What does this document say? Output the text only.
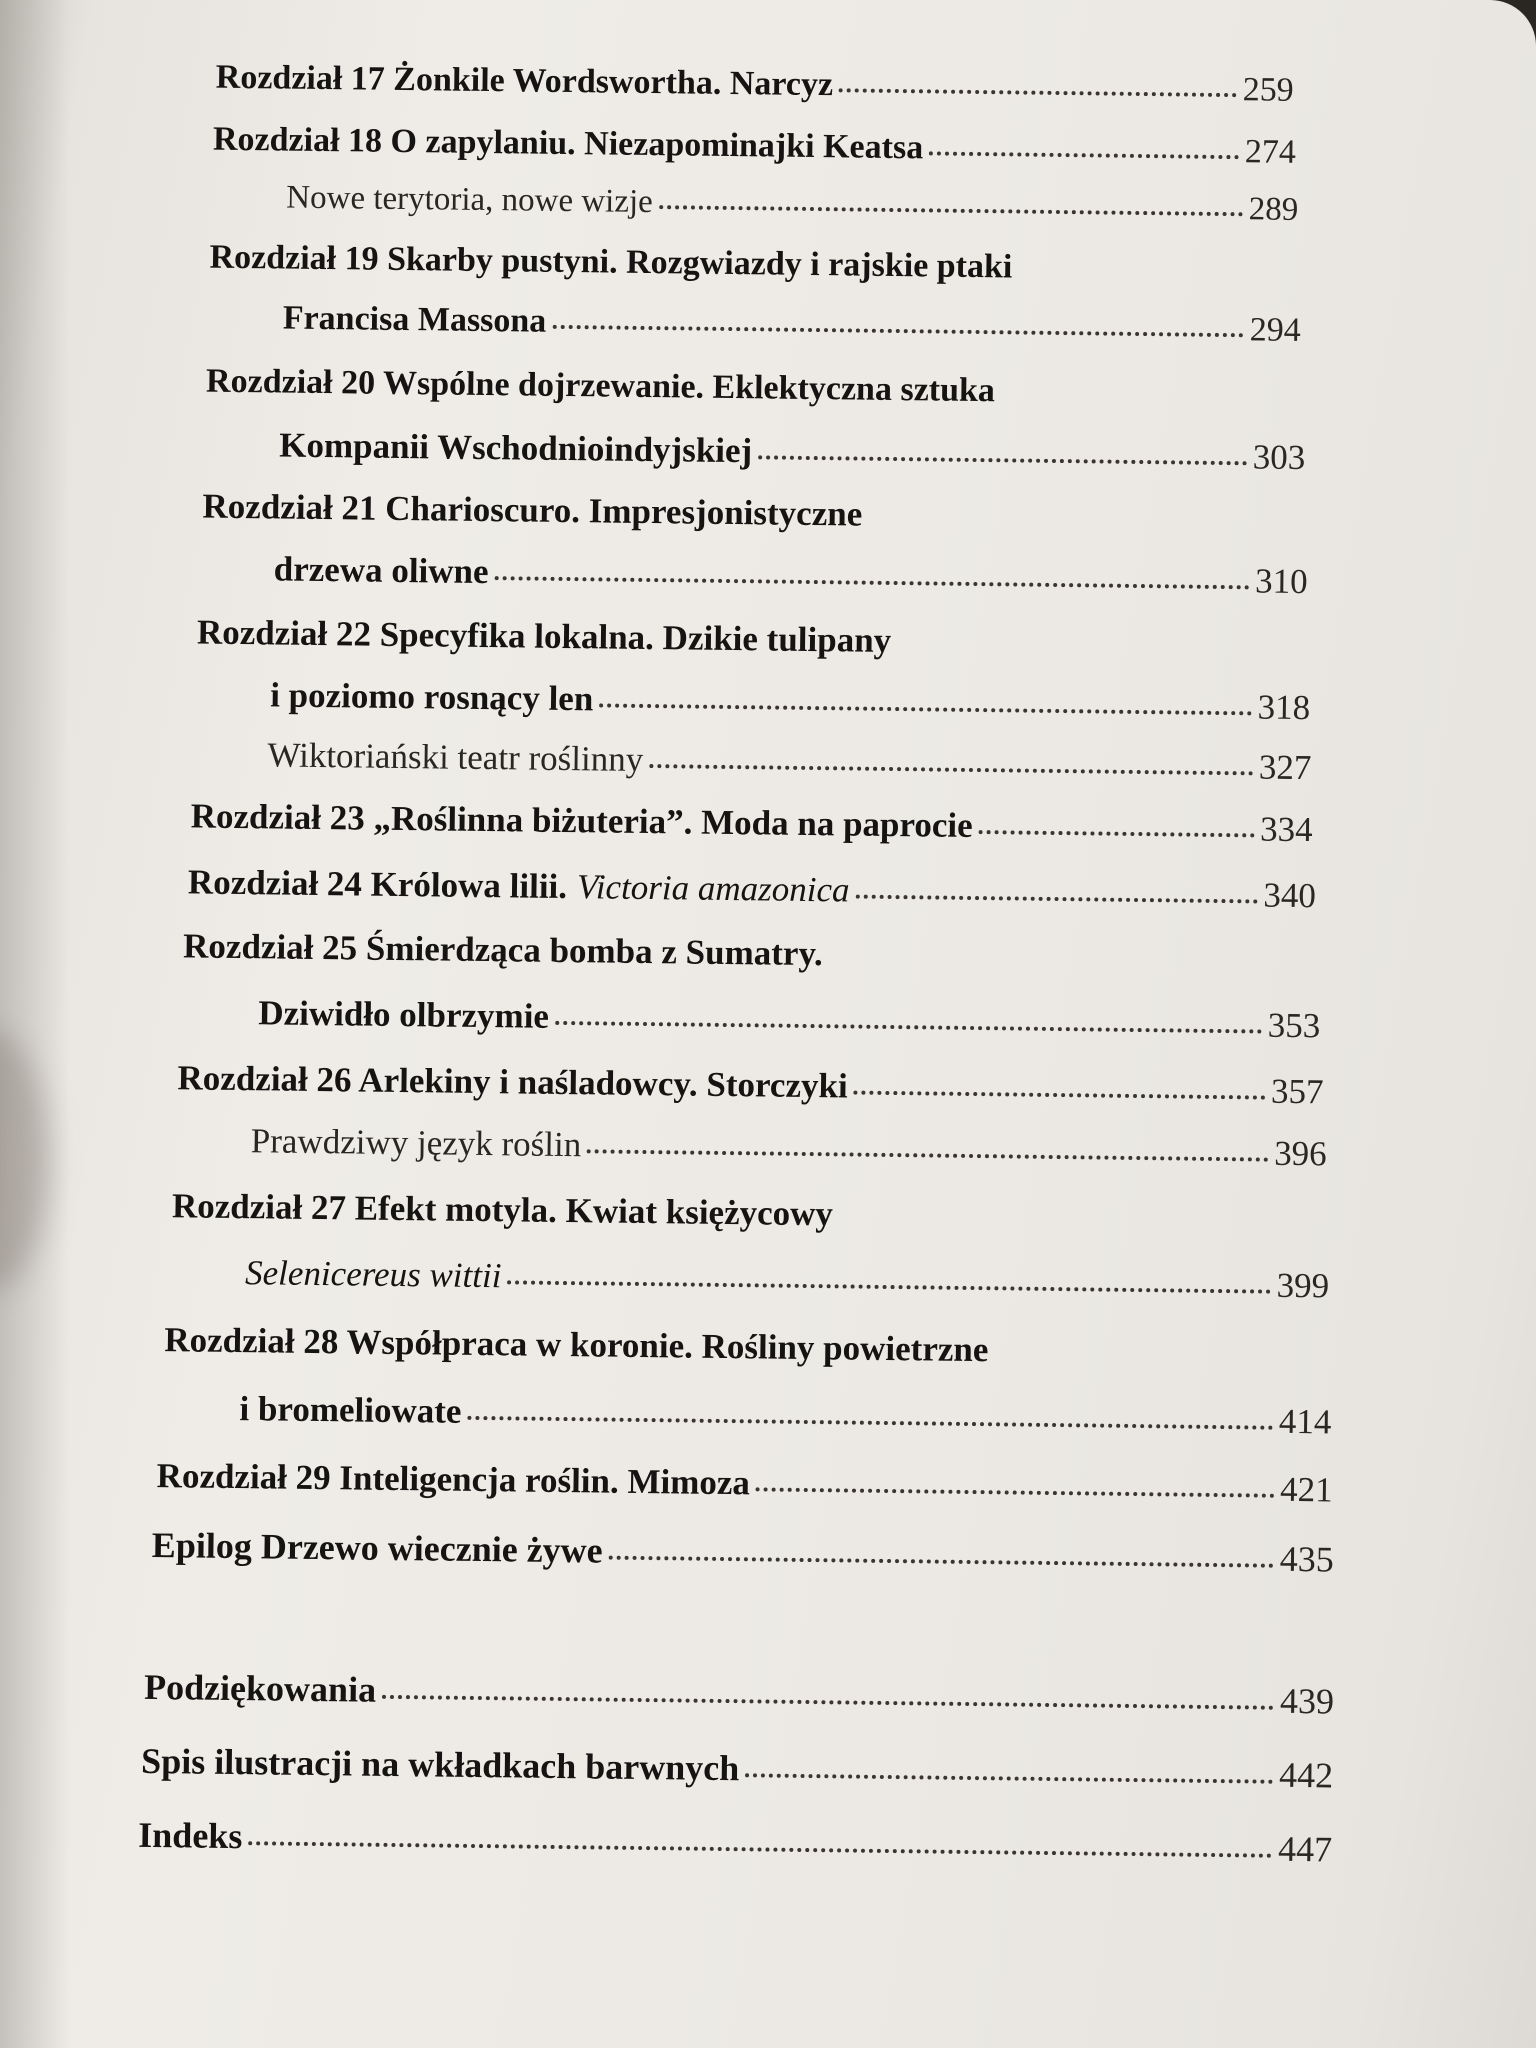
Rozdział 17 Żonkile Wordswortha. Narcyz	259
Rozdział 18 O zapylaniu. Niezapominajki Keatsa	274
Nowe terytoria, nowe wizje	289
Rozdział 19 Skarby pustyni. Rozgwiazdy i rajskie ptaki
Francisa Massona	294
Rozdział 20 Wspólne dojrzewanie. Eklektyczna sztuka
Kompanii Wschodnioindyjskiej	303
Rozdział 21 Charioscuro. Impresjonistyczne
drzewa oliwne	310
Rozdział 22 Specyfika lokalna. Dzikie tulipany
i poziomo rosnący len	318
Wiktoriański teatr roślinny	327
Rozdział 23 „Roślinna biżuteria”. Moda na paprocie	334
Rozdział 24 Królowa lilii. Victoria amazonica	340
Rozdział 25 Śmierdząca bomba z Sumatry.
Dziwidło olbrzymie	353
Rozdział 26 Arlekiny i naśladowcy. Storczyki	357
Prawdziwy język roślin	396
Rozdział 27 Efekt motyla. Kwiat księżycowy
Selenicereus wittii	399
Rozdział 28 Współpraca w koronie. Rośliny powietrzne
i bromeliowate	414
Rozdział 29 Inteligencja roślin. Mimoza	421
Epilog Drzewo wiecznie żywe	435
Podziękowania	439
Spis ilustracji na wkładkach barwnych	442
Indeks	447
